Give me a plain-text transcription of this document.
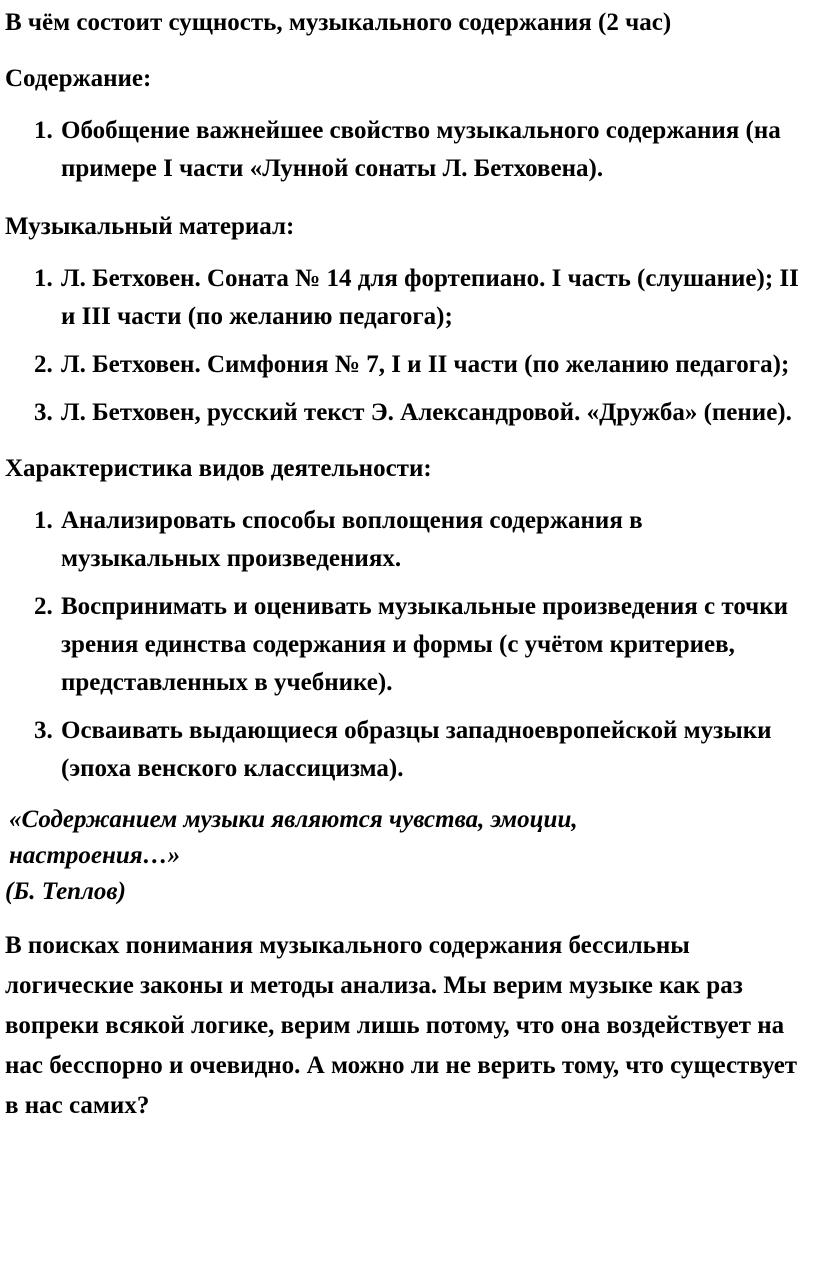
В чём состоит сущность, музыкального содержания (2 час)
Содержание:
1. Обобщение важнейшее свойство музыкального содержания (на примере I части «Лунной сонаты Л. Бетховена).
Музыкальный материал:
1. Л. Бетховен. Соната № 14 для фортепиано. I часть (слушание); II и III части (по желанию педагога);
2. Л. Бетховен. Симфония № 7, I и II части (по желанию педагога);
3. Л. Бетховен, русский текст Э. Александровой. «Дружба» (пение).
Характеристика видов деятельности:
1. Анализировать способы воплощения содержания в музыкальных произведениях.
2. Воспринимать и оценивать музыкальные произведения с точки зрения единства содержания и формы (с учётом критериев, представленных в учебнике).
3. Осваивать выдающиеся образцы западноевропейской музыки (эпоха венского классицизма).
«Содержанием музыки являются чувства, эмоции, настроения…»
(Б. Теплов)
В поисках понимания музыкального содержания бессильны логические законы и методы анализа. Мы верим музыке как раз вопреки всякой логике, верим лишь потому, что она воздействует на нас бесспорно и очевидно. А можно ли не верить тому, что существует в нас самих?
